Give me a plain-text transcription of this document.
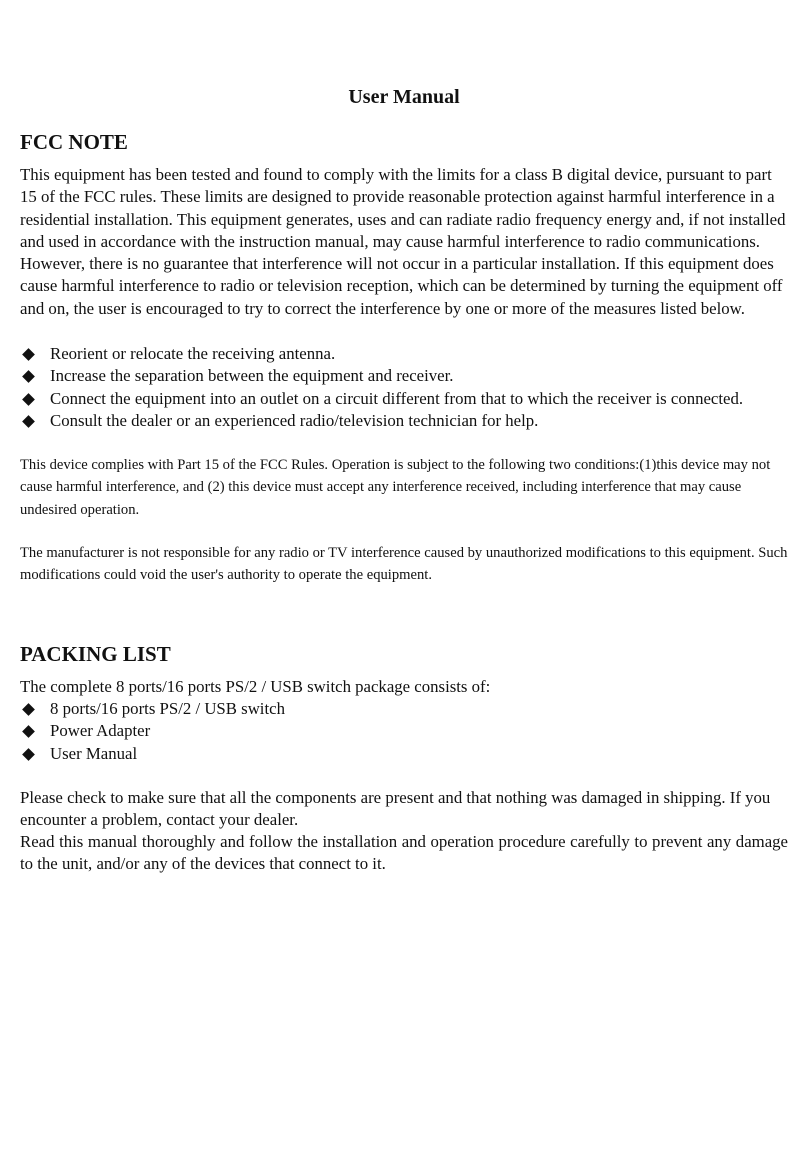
User Manual
FCC NOTE

This equipment has been tested and found to comply with the limits for a class B digital device, pursuant to part 15 of the FCC rules. These limits are designed to provide reasonable protection against harmful interference in a residential installation. This equipment generates, uses and can radiate radio frequency energy and, if not installed and used in accordance with the instruction manual, may cause harmful interference to radio communications. However, there is no guarantee that interference will not occur in a particular installation. If this equipment does cause harmful interference to radio or television reception, which can be determined by turning the equipment off and on, the user is encouraged to try to correct the interference by one or more of the measures listed below.

Reorient or relocate the receiving antenna.
Increase the separation between the equipment and receiver.
Connect the equipment into an outlet on a circuit different from that to which the receiver is connected.
Consult the dealer or an experienced radio/television technician for help.

This device complies with Part 15 of the FCC Rules. Operation is subject to the following two conditions:(1)this device may not cause harmful interference, and (2) this device must accept any interference received, including interference that may cause undesired operation.

The manufacturer is not responsible for any radio or TV interference caused by unauthorized modifications to this equipment. Such modifications could void the user's authority to operate the equipment.

PACKING LIST

The complete 8 ports/16 ports PS/2 / USB switch package consists of:

8 ports/16 ports PS/2 / USB switch
Power Adapter
User Manual

Please check to make sure that all the components are present and that nothing was damaged in shipping. If you encounter a problem, contact your dealer.

Read this manual thoroughly and follow the installation and operation procedure carefully to prevent any damage to the unit, and/or any of the devices that connect to it.
